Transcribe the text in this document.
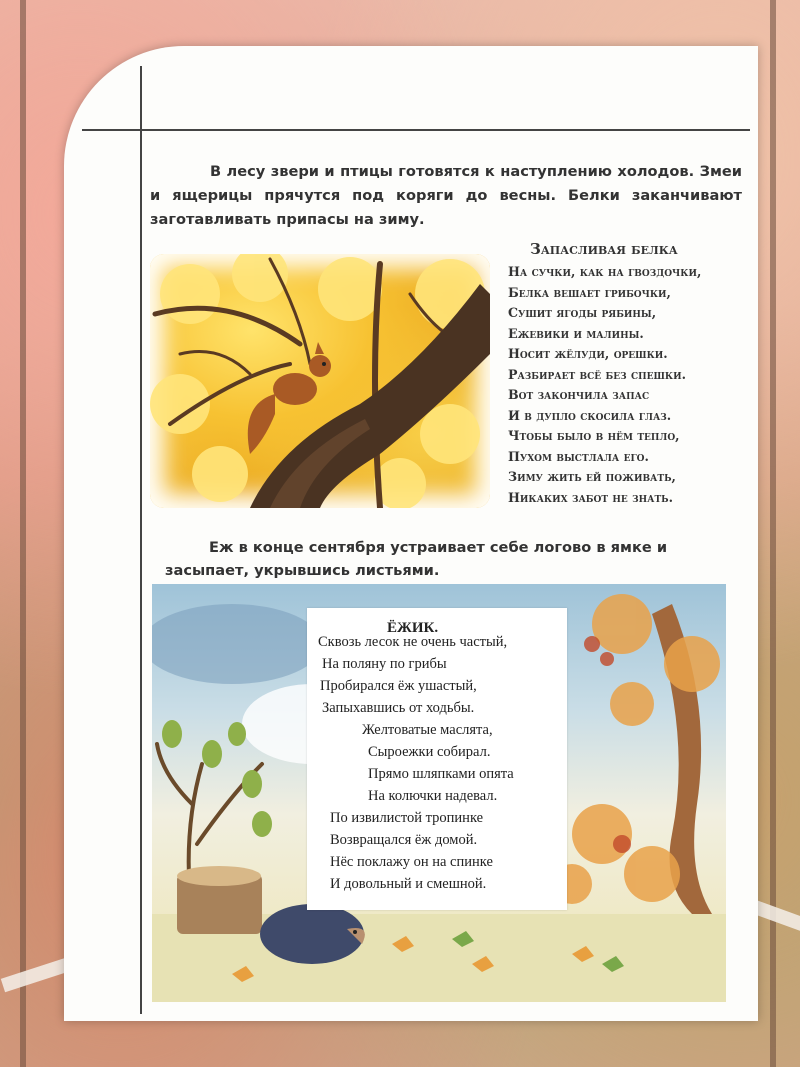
В лесу звери и птицы готовятся к наступлению холодов. Змеи и ящерицы прячутся под коряги до весны. Белки заканчивают заготавливать припасы на зиму.

Запасливая белка

На сучки, как на гвоздочки,
Белка вешает грибочки,
Сушит ягоды рябины,
Ежевики и малины.
Носит жёлуди, орешки.
Разбирает всё без спешки.
Вот закончила запас
И в дупло скосила глаз.
Чтобы было в нём тепло,
Пухом выстлала его.
Зиму жить ей поживать,
Никаких забот не знать.

Еж в конце сентября устраивает себе логово в ямке и засыпает, укрывшись листьями.

ЁЖИК.

Сквозь лесок не очень частый,

На поляну по грибы

Пробирался ёж ушастый,

Запыхавшись от ходьбы.

Желтоватые маслята,

Сыроежки собирал.

Прямо шляпками опята

На колючки надевал.

По извилистой тропинке

Возвращался ёж домой.

Нёс поклажу он на спинке

И довольный и смешной.
